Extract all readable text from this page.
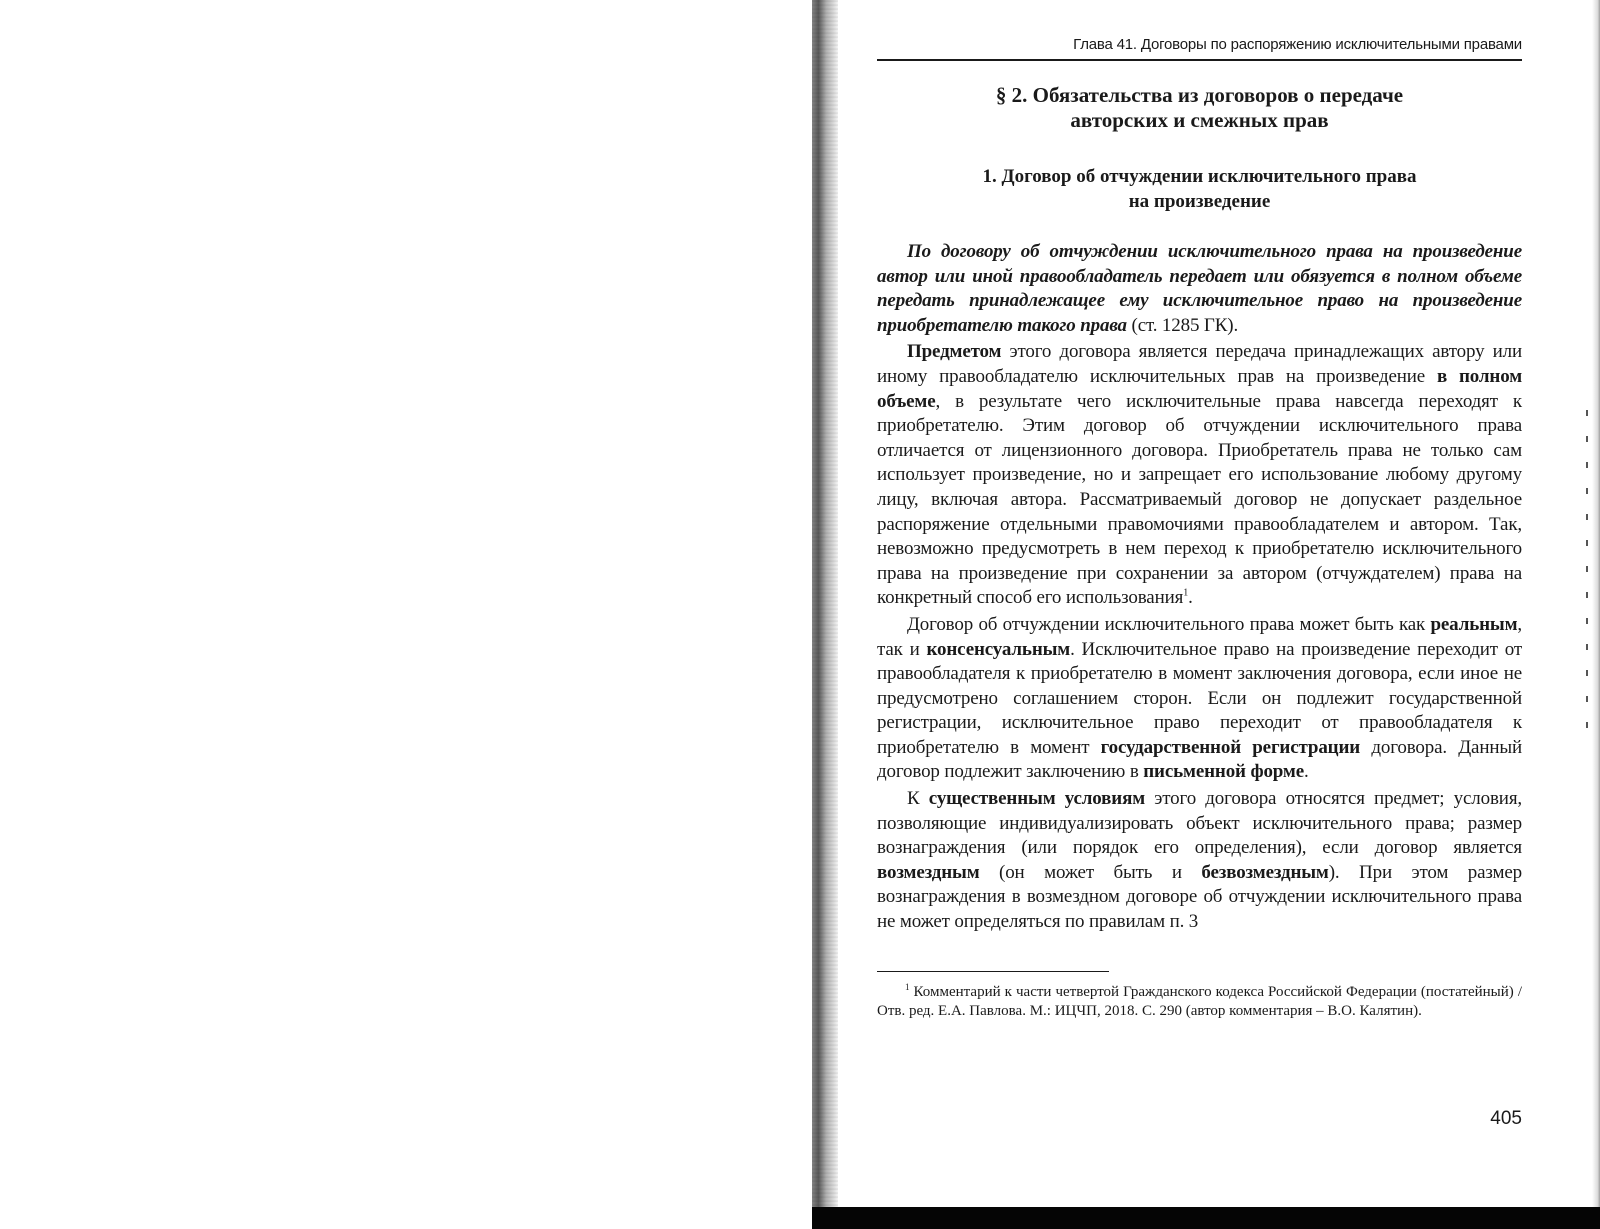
Глава 41. Договоры по распоряжению исключительными правами
§ 2. Обязательства из договоров о передаче
авторских и смежных прав
1. Договор об отчуждении исключительного права
на произведение

По договору об отчуждении исключительного права на произведение автор или иной правообладатель передает или обязуется в полном объеме передать принадлежащее ему исключительное право на произведение приобретателю такого права (ст. 1285 ГК).

Предметом этого договора является передача принадлежащих автору или иному правообладателю исключительных прав на произведение в полном объеме, в результате чего исключительные права навсегда переходят к приобретателю. Этим договор об отчуждении исключительного права отличается от лицензионного договора. Приобретатель права не только сам использует произведение, но и запрещает его использование любому другому лицу, включая автора. Рассматриваемый договор не допускает раздельное распоряжение отдельными правомочиями правообладателем и автором. Так, невозможно предусмотреть в нем переход к приобретателю исключительного права на произведение при сохранении за автором (отчуждателем) права на конкретный способ его использования$^1$.

Договор об отчуждении исключительного права может быть как реальным, так и консенсуальным. Исключительное право на произведение переходит от правообладателя к приобретателю в момент заключения договора, если иное не предусмотрено соглашением сторон. Если он подлежит государственной регистрации, исключительное право переходит от правообладателя к приобретателю в момент государственной регистрации договора. Данный договор подлежит заключению в письменной форме.

К существенным условиям этого договора относятся предмет; условия, позволяющие индивидуализировать объект исключительного права; размер вознаграждения (или порядок его определения), если договор является возмездным (он может быть и безвозмездным). При этом размер вознаграждения в возмездном договоре об отчуждении исключительного права не может определяться по правилам п. 3

$^1$ Комментарий к части четвертой Гражданского кодекса Российской Федерации (постатейный) / Отв. ред. Е.А. Павлова. М.: ИЦЧП, 2018. С. 290 (автор комментария – В.О. Калятин).

405
